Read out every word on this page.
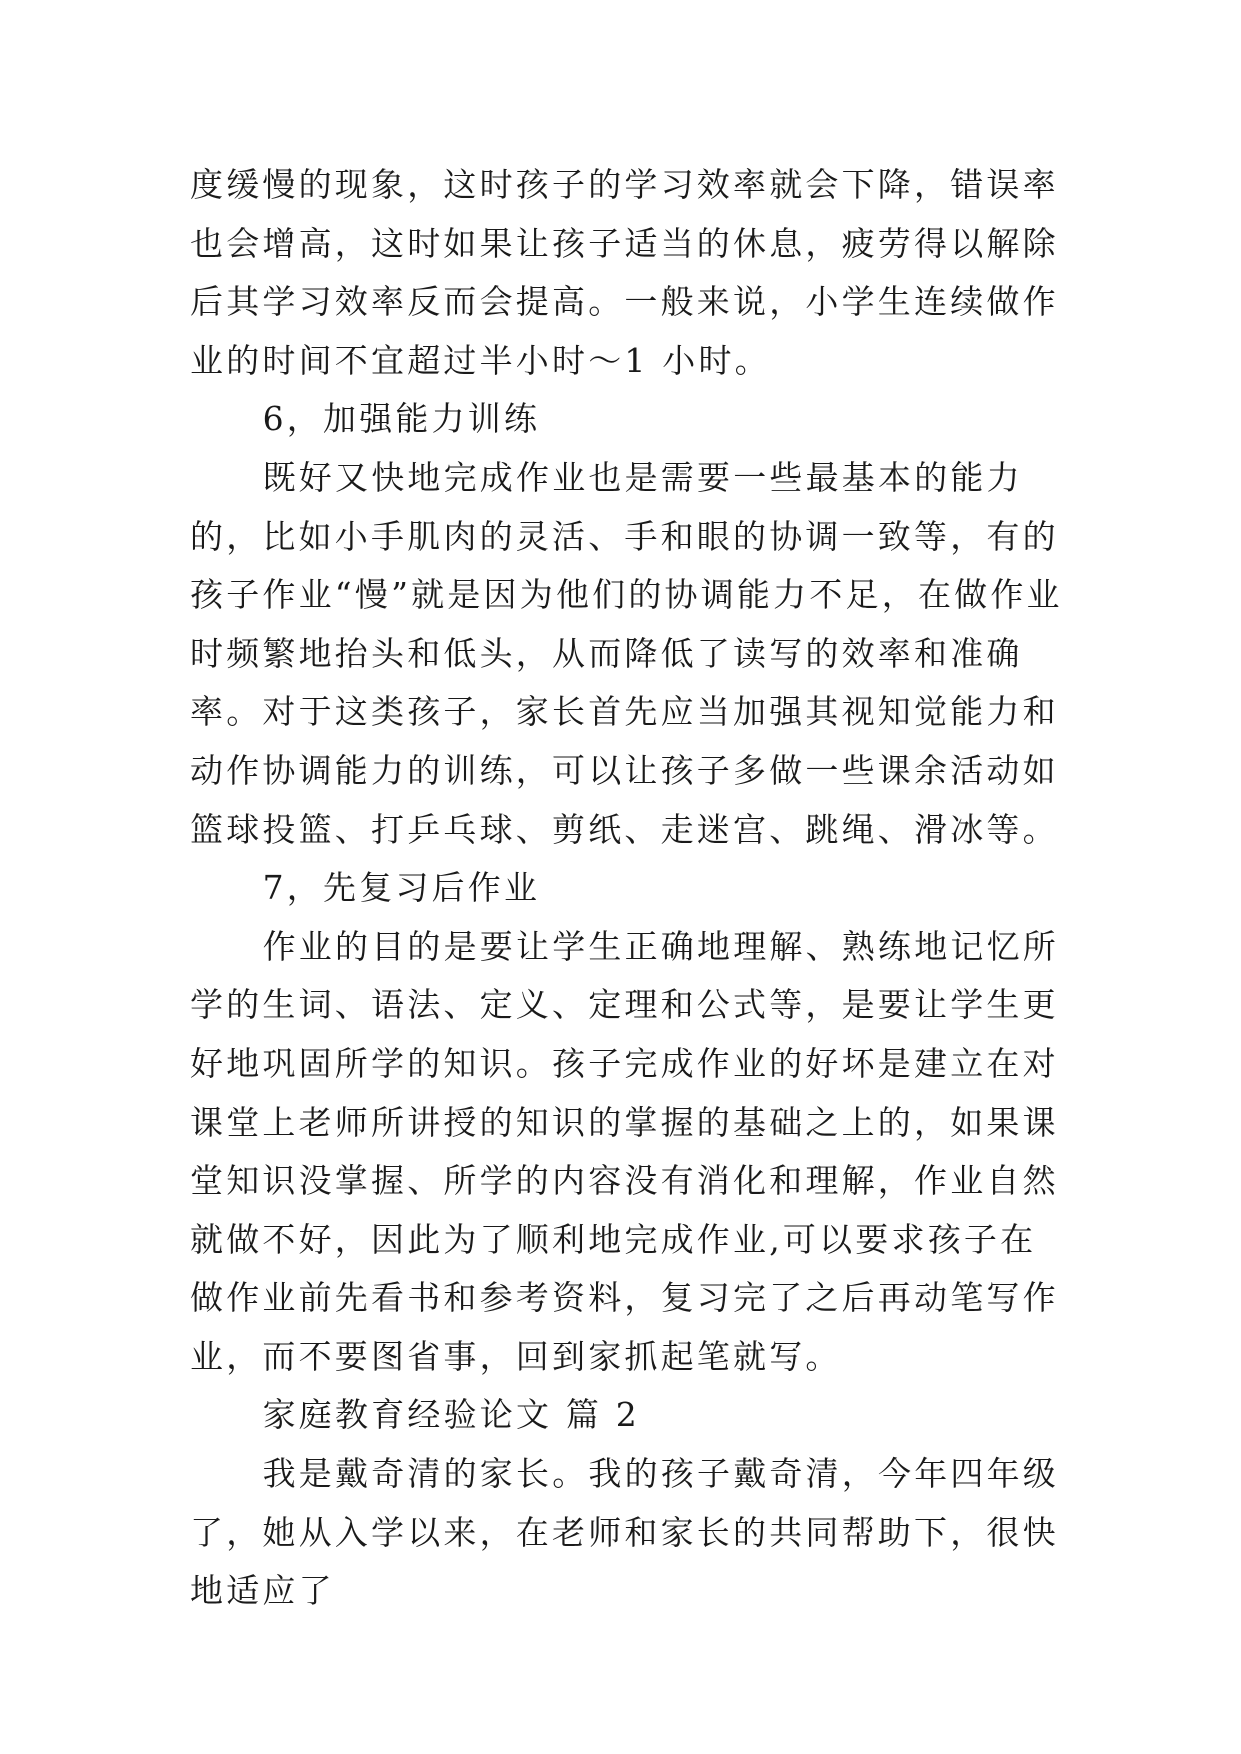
度缓慢的现象，这时孩子的学习效率就会下降，错误率也会增高，这时如果让孩子适当的休息，疲劳得以解除后其学习效率反而会提高。一般来说，小学生连续做作业的时间不宜超过半小时～1 小时。

6，加强能力训练

既好又快地完成作业也是需要一些最基本的能力的，比如小手肌肉的灵活、手和眼的协调一致等，有的孩子作业“慢”就是因为他们的协调能力不足，在做作业时频繁地抬头和低头，从而降低了读写的效率和准确率。对于这类孩子，家长首先应当加强其视知觉能力和动作协调能力的训练，可以让孩子多做一些课余活动如篮球投篮、打乒乓球、剪纸、走迷宫、跳绳、滑冰等。

7，先复习后作业

作业的目的是要让学生正确地理解、熟练地记忆所学的生词、语法、定义、定理和公式等，是要让学生更好地巩固所学的知识。孩子完成作业的好坏是建立在对课堂上老师所讲授的知识的掌握的基础之上的，如果课堂知识没掌握、所学的内容没有消化和理解，作业自然就做不好，因此为了顺利地完成作业,可以要求孩子在做作业前先看书和参考资料，复习完了之后再动笔写作业，而不要图省事，回到家抓起笔就写。

家庭教育经验论文 篇 2

我是戴奇清的家长。我的孩子戴奇清，今年四年级了，她从入学以来，在老师和家长的共同帮助下，很快地适应了
